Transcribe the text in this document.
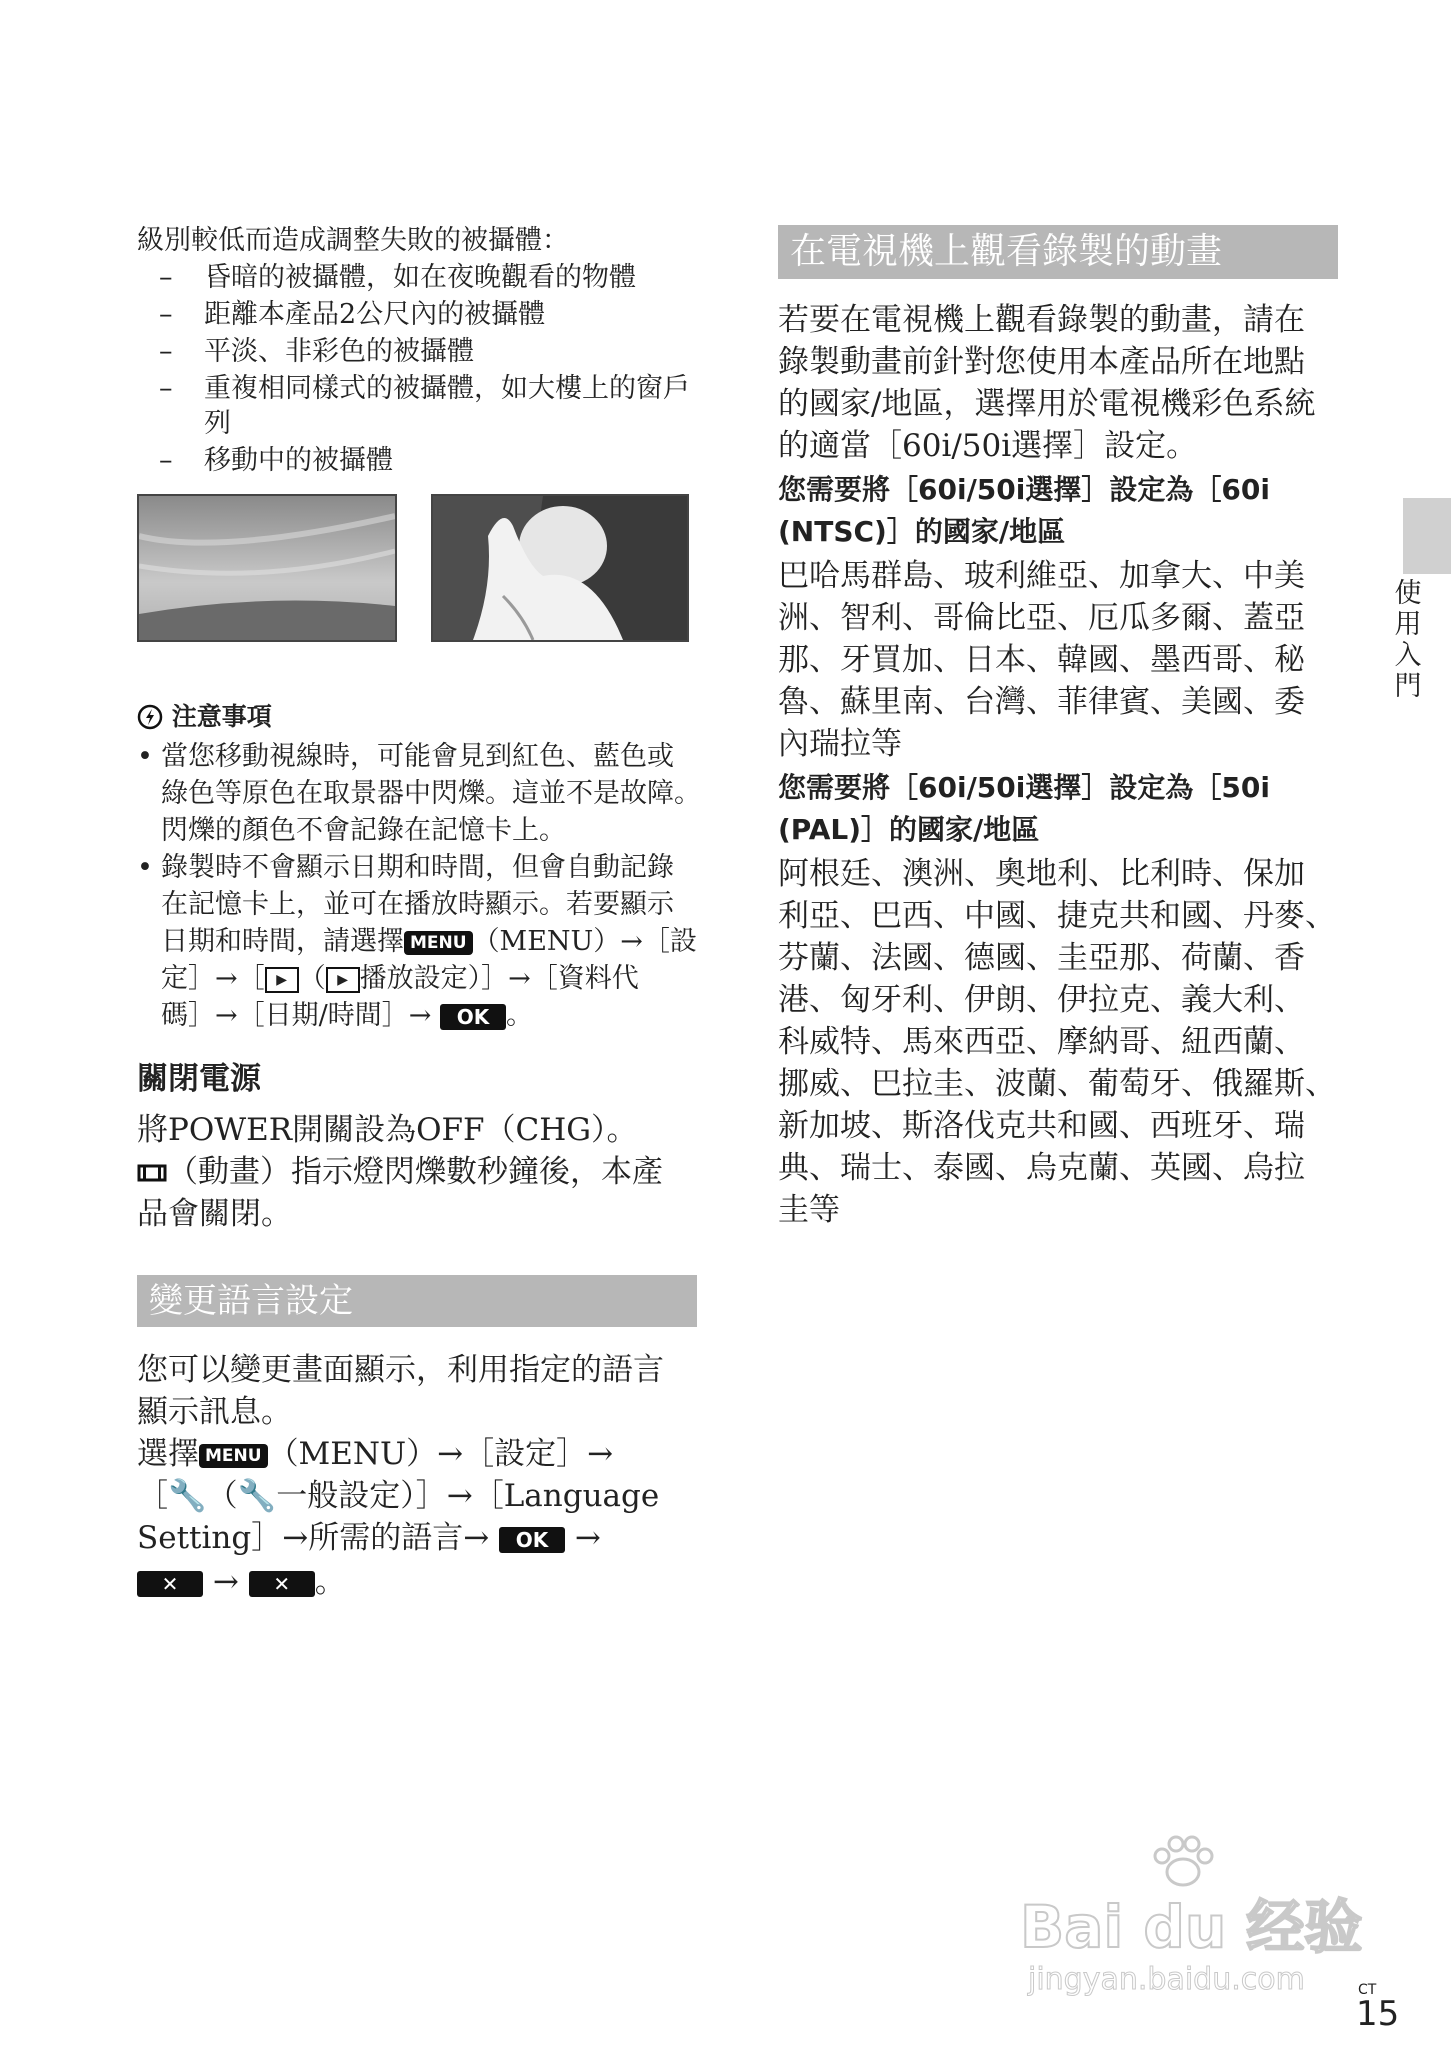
級別較低而造成調整失敗的被攝體：
– 昏暗的被攝體，如在夜晚觀看的物體
– 距離本產品2公尺內的被攝體
– 平淡、非彩色的被攝體
– 重複相同樣式的被攝體，如大樓上的窗戶
列
– 移動中的被攝體
注意事項
• 當您移動視線時，可能會見到紅色、藍色或
綠色等原色在取景器中閃爍。這並不是故障。
閃爍的顏色不會記錄在記憶卡上。
• 錄製時不會顯示日期和時間，但會自動記錄
在記憶卡上，並可在播放時顯示。若要顯示
日期和時間，請選擇 MENU （MENU）→［設
定］→［ ▶ （ ▶ 播放設定）］→［資料代
碼］→［日期/時間］→ OK 。
關閉電源
將POWER開關設為OFF（CHG）。
（動畫）指示燈閃爍數秒鐘後，本產
品會關閉。
變更語言設定
您可以變更畫面顯示，利用指定的語言
顯示訊息。
選擇 MENU （MENU）→［設定］→
［🔧（🔧一般設定）］→［Language
Setting］→所需的語言→ OK →
✕ → ✕ 。
在電視機上觀看錄製的動畫
若要在電視機上觀看錄製的動畫，請在
錄製動畫前針對您使用本產品所在地點
的國家/地區，選擇用於電視機彩色系統
的適當［60i/50i選擇］設定。
您需要將［60i/50i選擇］設定為［60i
(NTSC)］的國家/地區
巴哈馬群島、玻利維亞、加拿大、中美
洲、智利、哥倫比亞、厄瓜多爾、蓋亞
那、牙買加、日本、韓國、墨西哥、秘
魯、蘇里南、台灣、菲律賓、美國、委
內瑞拉等
您需要將［60i/50i選擇］設定為［50i
(PAL)］的國家/地區
阿根廷、澳洲、奧地利、比利時、保加
利亞、巴西、中國、捷克共和國、丹麥、
芬蘭、法國、德國、圭亞那、荷蘭、香
港、匈牙利、伊朗、伊拉克、義大利、
科威特、馬來西亞、摩納哥、紐西蘭、
挪威、巴拉圭、波蘭、葡萄牙、俄羅斯、
新加坡、斯洛伐克共和國、西班牙、瑞
典、瑞士、泰國、烏克蘭、英國、烏拉
圭等
使
用
入
門
Bai du 经验
jingyan.baidu.com	CT
15
